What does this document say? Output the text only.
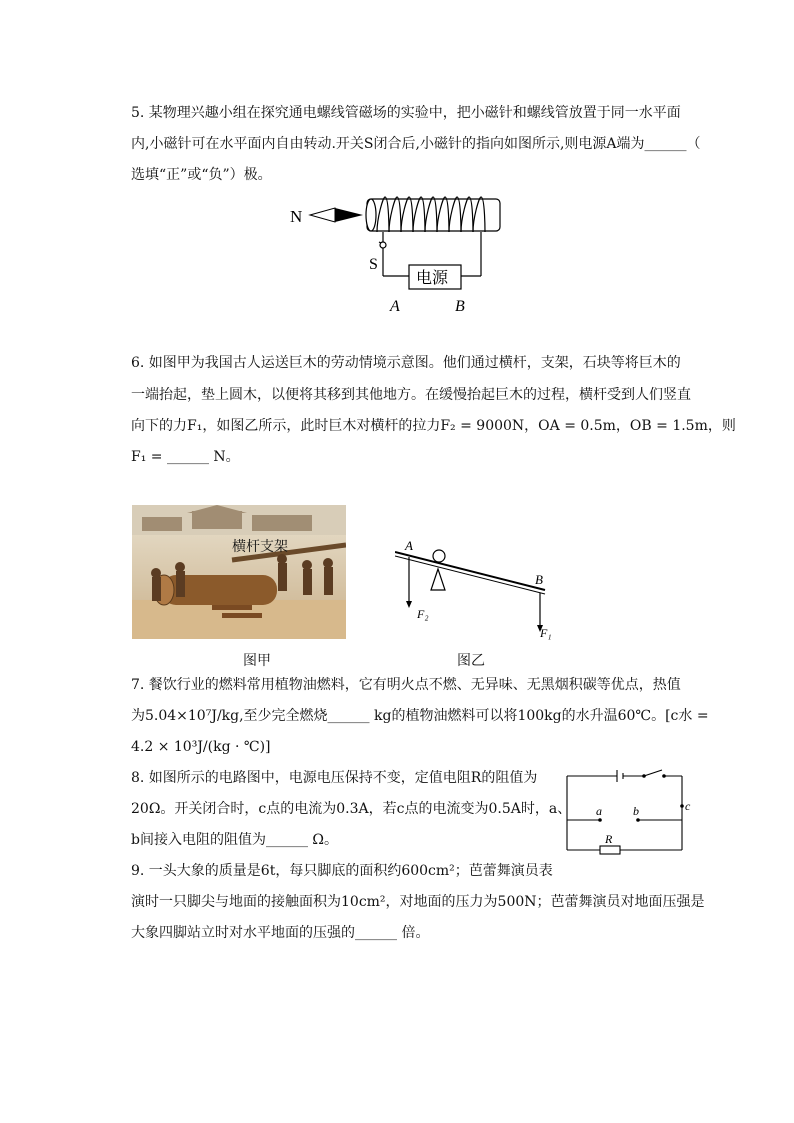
5. 某物理兴趣小组在探究通电螺线管磁场的实验中，把小磁针和螺线管放置于同一水平面
内,小磁针可在水平面内自由转动.开关S闭合后,小磁针的指向如图所示,则电源A端为______（
选填“正”或“负”）极。
N
S
电源
A	B
6. 如图甲为我国古人运送巨木的劳动情境示意图。他们通过横杆，支架，石块等将巨木的
一端抬起，垫上圆木，以便将其移到其他地方。在缓慢抬起巨木的过程，横杆受到人们竖直
向下的力F₁，如图乙所示，此时巨木对横杆的拉力F₂ = 9000N，OA = 0.5m，OB = 1.5m，则
F₁ = ______ N。
横杆支架	A
B
F₂
F₁
图甲	图乙
7. 餐饮行业的燃料常用植物油燃料，它有明火点不燃、无异味、无黑烟积碳等优点，热值
为5.04×10⁷J/kg,至少完全燃烧______ kg的植物油燃料可以将100kg的水升温60℃。[c水 =
4.2 × 10³J/(kg · ℃)]
8. 如图所示的电路图中，电源电压保持不变，定值电阻R的阻值为
20Ω。开关闭合时，c点的电流为0.3A，若c点的电流变为0.5A时，a、
b间接入电阻的阻值为______ Ω。
a	b	c
R
9. 一头大象的质量是6t，每只脚底的面积约600cm²；芭蕾舞演员表
演时一只脚尖与地面的接触面积为10cm²，对地面的压力为500N；芭蕾舞演员对地面压强是
大象四脚站立时对水平地面的压强的______ 倍。
